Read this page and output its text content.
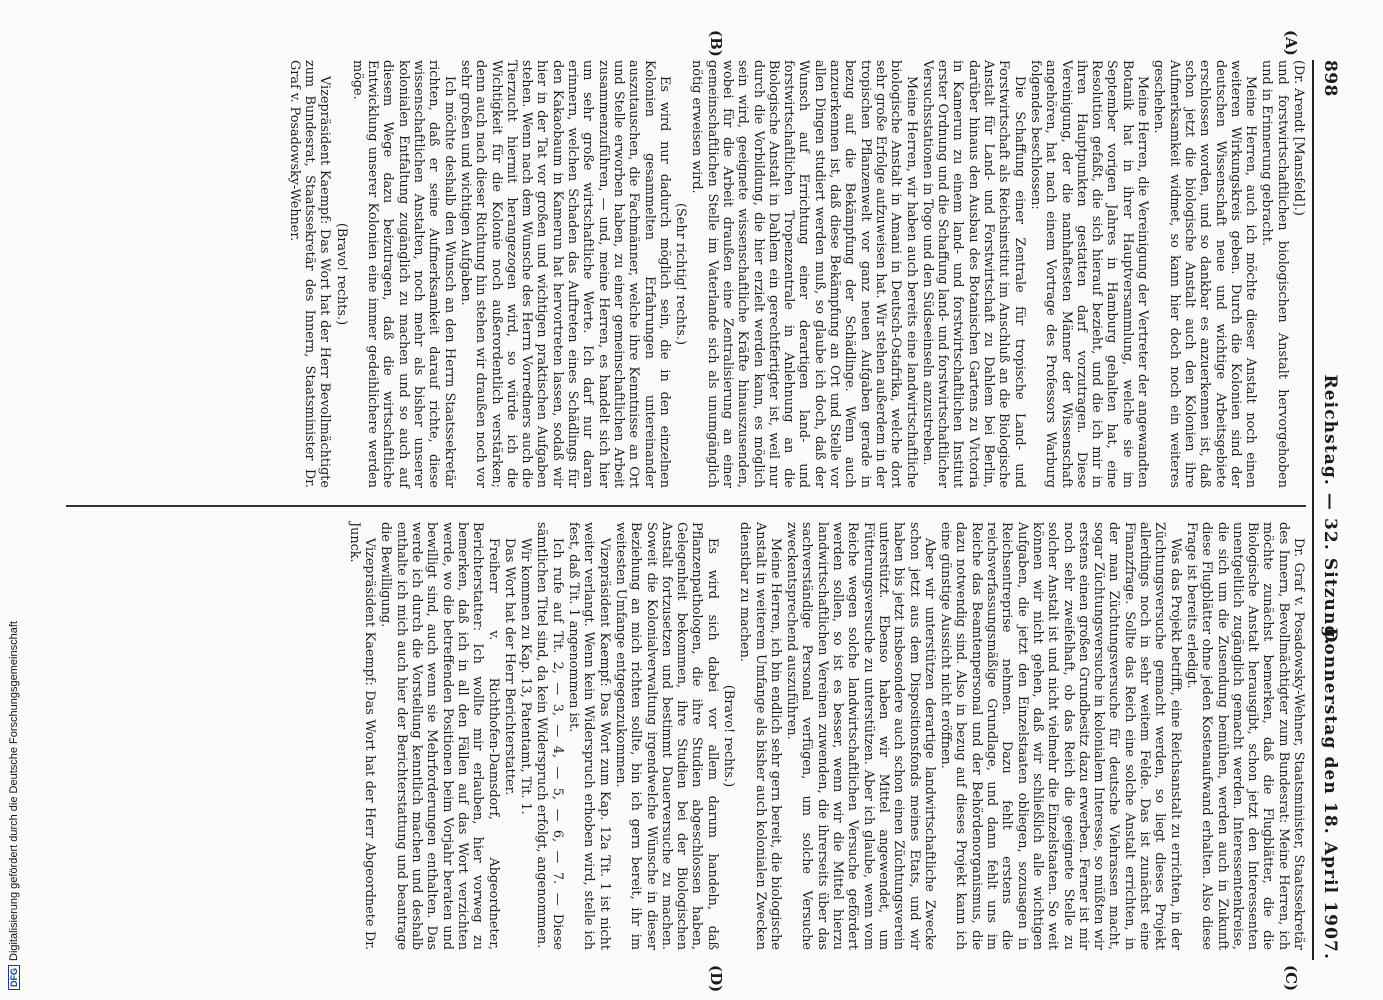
898
Reichstag. — 32. Sitzung.
Donnerstag den 18. April 1907.
(A)
(B)
(C)
(D)

(Dr. Arendt [Mansfeld].)

und forstwirtschaftlichen biologischen Anstalt hervorgehoben und in Erinnerung gebracht.

Meine Herren, auch ich möchte dieser Anstalt noch einen weiteren Wirkungskreis geben. Durch die Kolonien sind der deutschen Wissenschaft neue und wichtige Arbeitsgebiete erschlossen worden, und so dankbar es anzuerkennen ist, daß schon jetzt die biologische Anstalt auch den Kolonien ihre Aufmerksamkeit widmet, so kann hier doch noch ein weiteres geschehen.

Meine Herren, die Vereinigung der Vertreter der angewandten Botanik hat in ihrer Hauptversammlung, welche sie im September vorigen Jahres in Hamburg gehalten hat, eine Resolution gefaßt, die sich hierauf bezieht, und die ich mir in ihren Hauptpunkten gestatten darf vorzutragen. Diese Vereinigung, der die namhaftesten Männer der Wissenschaft angehören, hat nach einem Vortrage des Professors Warburg folgendes beschlossen:

Die Schaffung einer Zentrale für tropische Land- und Forstwirtschaft als Reichsinstitut im Anschluß an die Biologische Anstalt für Land- und Forstwirtschaft zu Dahlem bei Berlin, darüber hinaus den Ausbau des Botanischen Gartens zu Victoria in Kamerun zu einem land- und forstwirtschaftlichen Institut erster Ordnung und die Schaffung land- und forstwirtschaftlicher Versuchsstationen in Togo und den Südseeinseln anzustreben.

Meine Herren, wir haben auch bereits eine landwirtschaftliche biologische Anstalt in Amani in Deutsch-Ostafrika, welche dort sehr große Erfolge aufzuweisen hat. Wir stehen außerdem in der tropischen Pflanzenwelt vor ganz neuen Aufgaben gerade in bezug auf die Bekämpfung der Schädlinge. Wenn auch anzuerkennen ist, daß diese Bekämpfung an Ort und Stelle vor allen Dingen studiert werden muß, so glaube ich doch, daß der Wunsch auf Errichtung einer derartigen land- und forstwirtschaftlichen Tropenzentrale in Anlehnung an die Biologische Anstalt in Dahlem ein gerechtfertigter ist, weil nur durch die Vorbildung, die hier erzielt werden kann, es möglich sein wird, geeignete wissenschaftliche Kräfte hinauszusenden, wobei für die Arbeit draußen eine Zentralisierung an einer gemeinschaftlichen Stelle im Vaterlande sich als unumgänglich nötig erweisen wird.

(Sehr richtig! rechts.)

Es wird nur dadurch möglich sein, die in den einzelnen Kolonien gesammelten Erfahrungen untereinander auszutauschen, die Fachmänner, welche ihre Kenntnisse an Ort und Stelle erworben haben, zu einer gemeinschaftlichen Arbeit zusammenzuführen, — und, meine Herren, es handelt sich hier um sehr große wirtschaftliche Werte. Ich darf nur daran erinnern, welchen Schaden das Auftreten eines Schädlings für den Kakaobaum in Kamerun hat hervortreten lassen, sodaß wir hier in der Tat vor großen und wichtigen praktischen Aufgaben stehen. Wenn nach dem Wunsche des Herrn Vorredners auch die Tierzucht hiermit herangezogen wird, so würde ich die Wichtigkeit für die Kolonie noch außerordentlich verstärken; denn auch nach dieser Richtung hin stehen wir draußen noch vor sehr großen und wichtigen Aufgaben.

Ich möchte deshalb den Wunsch an den Herrn Staatssekretär richten, daß er seine Aufmerksamkeit darauf richte, diese wissenschaftlichen Anstalten, noch mehr als bisher unserer kolonialen Entfaltung zugänglich zu machen und so auch auf diesem Wege dazu beizutragen, daß die wirtschaftliche Entwicklung unserer Kolonien eine immer gedeihlichere werden möge.

(Bravo! rechts.)

Vizepräsident Kaempf: Das Wort hat der Herr Bevollmächtigte zum Bundesrat, Staatssekretär des Innern, Staatsminister Dr. Graf v. Posadowsky-Wehner.

Dr. Graf v. Posadowsky-Wehner, Staatsminister, Staatssekretär des Innern, Bevollmächtigter zum Bundesrat: Meine Herren, ich möchte zunächst bemerken, daß die Flugblätter, die die Biologische Anstalt herausgibt, schon jetzt den Interessenten unentgeltlich zugänglich gemacht werden. Interessentenkreise, die sich um die Zusendung bemühen, werden auch in Zukunft diese Flugblätter ohne jeden Kostenaufwand erhalten. Also diese Frage ist bereits erledigt.

Was das Projekt betrifft, eine Reichsanstalt zu errichten, in der Züchtungsversuche gemacht werden, so liegt dieses Projekt allerdings noch in sehr weitem Felde. Das ist zunächst eine Finanzfrage. Sollte das Reich eine solche Anstalt errichten, in der man Züchtungsversuche für deutsche Viehrassen macht, sogar Züchtungsversuche in kolonialem Interesse, so müßten wir erstens einen großen Grundbesitz dazu erwerben. Ferner ist mir noch sehr zweifelhaft, ob das Reich die geeignete Stelle zu solcher Anstalt ist und nicht vielmehr die Einzelstaaten. So weit können wir nicht gehen, daß wir schließlich alle wichtigen Aufgaben, die jetzt den Einzelstaaten obliegen, sozusagen in Reichsentreprise nehmen. Dazu fehlt erstens die reichsverfassungsmäßige Grundlage, und dann fehlt uns im Reiche das Beamtenpersonal und der Behördenorganismus, die dazu notwendig sind. Also in bezug auf dieses Projekt kann ich eine günstige Aussicht nicht eröffnen.

Aber wir unterstützen derartige landwirtschaftliche Zwecke schon jetzt aus dem Dispositionsfonds meines Etats, und wir haben bis jetzt insbesondere auch schon einen Züchtungsverein unterstützt. Ebenso haben wir Mittel angewendet, um Fütterungsversuche zu unterstützen. Aber ich glaube, wenn vom Reiche wegen solche landwirtschaftlichen Versuche gefördert werden sollen, so ist es besser, wenn wir die Mittel hierzu landwirtschaftlichen Vereinen zuwenden, die ihrerseits über das sachverständige Personal verfügen, um solche Versuche zweckentsprechend auszuführen.

Meine Herren, ich bin endlich sehr gern bereit, die biologische Anstalt in weiterem Umfange als bisher auch kolonialen Zwecken dienstbar zu machen.

(Bravo! rechts.)

Es wird sich dabei vor allem darum handeln, daß Pflanzenpathologen, die ihre Studien abgeschlossen haben, Gelegenheit bekommen, ihre Studien bei der Biologischen Anstalt fortzusetzen und bestimmt Dauerversuche zu machen. Soweit die Kolonialverwaltung irgendwelche Wünsche in dieser Beziehung an mich richten sollte, bin ich gern bereit, ihr im weitesten Umfange entgegenzukommen.

Vizepräsident Kaempf: Das Wort zum Kap. 12a Tit. 1 ist nicht weiter verlangt. Wenn kein Widerspruch erhoben wird, stelle ich fest, daß Tit. 1 angenommen ist.

Ich rufe auf Tit. 2, — 3, — 4, — 5, — 6, — 7. — Diese sämtlichen Titel sind, da kein Widerspruch erfolgt, angenommen.

Wir kommen zu Kap. 13, Patentamt, Tit. 1.

Das Wort hat der Herr Berichterstatter.

Freiherr v. Richthofen-Damsdorf, Abgeordneter, Berichterstatter: Ich wollte mir erlauben, hier vorweg zu bemerken, daß ich in all den Fällen auf das Wort verzichten werde, wo die betreffenden Positionen beim Vorjahr beraten und bewilligt sind, auch wenn sie Mehrforderungen enthalten. Das werde ich durch die Vorstellung kenntlich machen und deshalb enthalte ich mich auch hier der Berichterstattung und beantrage die Bewilligung.

Vizepräsident Kaempf: Das Wort hat der Herr Abgeordnete Dr. Junck.

DFGDigitalisierung gefördert durch die Deutsche Forschungsgemeinschaft
